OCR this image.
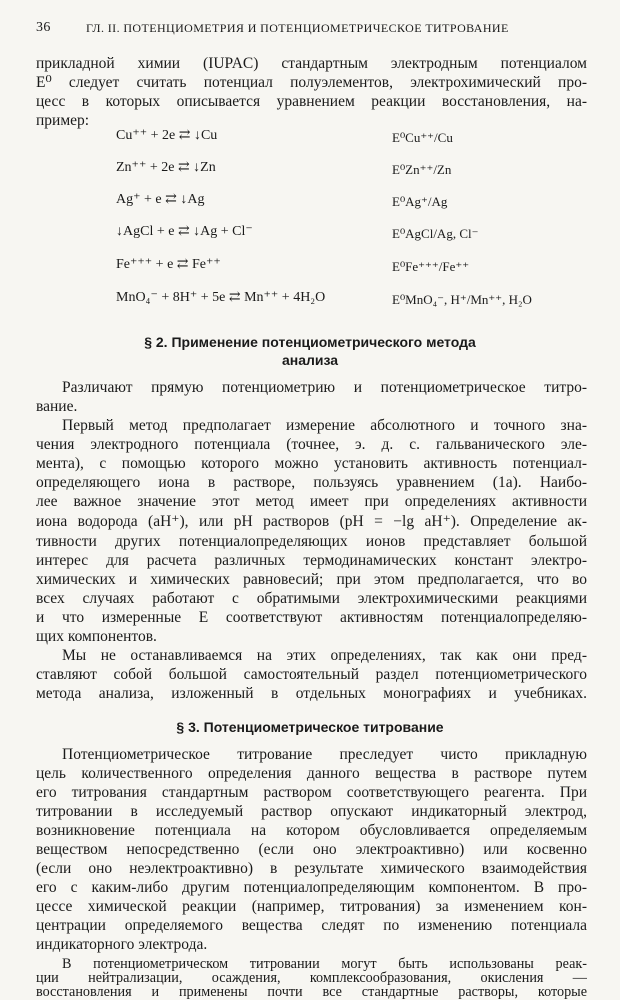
36	ГЛ. II. ПОТЕНЦИОМЕТРИЯ И ПОТЕНЦИОМЕТРИЧЕСКОЕ ТИТРОВАНИЕ
прикладной химии (IUPAC) стандартным электродным потенциалом
E⁰ следует считать потенциал полуэлементов, электрохимический про-
цесс в которых описывается уравнением реакции восстановления, на-
пример:
Cu⁺⁺ + 2e ⇄ ↓Cu	E⁰Cu⁺⁺/Cu
Zn⁺⁺ + 2e ⇄ ↓Zn	E⁰Zn⁺⁺/Zn
Ag⁺ + e ⇄ ↓Ag	E⁰Ag⁺/Ag
↓AgCl + e ⇄ ↓Ag + Cl⁻	E⁰AgCl/Ag, Cl⁻
Fe⁺⁺⁺ + e ⇄ Fe⁺⁺	E⁰Fe⁺⁺⁺/Fe⁺⁺
MnO₄⁻ + 8H⁺ + 5e ⇄ Mn⁺⁺ + 4H₂O	E⁰MnO₄⁻, H⁺/Mn⁺⁺, H₂O
§ 2. Применение потенциометрического метода
анализа
Различают прямую потенциометрию и потенциометрическое титро-
вание.
Первый метод предполагает измерение абсолютного и точного зна-
чения электродного потенциала (точнее, э. д. с. гальванического эле-
мента), с помощью которого можно установить активность потенциал-
определяющего иона в растворе, пользуясь уравнением (1а). Наибо-
лее важное значение этот метод имеет при определениях активности
иона водорода (aH⁺), или pH растворов (pH = −lg aH⁺). Определение ак-
тивности других потенциалопределяющих ионов представляет большой
интерес для расчета различных термодинамических констант электро-
химических и химических равновесий; при этом предполагается, что во
всех случаях работают с обратимыми электрохимическими реакциями
и что измеренные E соответствуют активностям потенциалопределяю-
щих компонентов.
Мы не останавливаемся на этих определениях, так как они пред-
ставляют собой большой самостоятельный раздел потенциометрического
метода анализа, изложенный в отдельных монографиях и учебниках.
§ 3. Потенциометрическое титрование
Потенциометрическое титрование преследует чисто прикладную
цель количественного определения данного вещества в растворе путем
его титрования стандартным раствором соответствующего реагента. При
титровании в исследуемый раствор опускают индикаторный электрод,
возникновение потенциала на котором обусловливается определяемым
веществом непосредственно (если оно электроактивно) или косвенно
(если оно неэлектроактивно) в результате химического взаимодействия
его с каким-либо другим потенциалопределяющим компонентом. В про-
цессе химической реакции (например, титрования) за изменением кон-
центрации определяемого вещества следят по изменению потенциала
индикаторного электрода.
В потенциометрическом титровании могут быть использованы реак-
ции нейтрализации, осаждения, комплексообразования, окисления —
восстановления и применены почти все стандартные растворы, которые
